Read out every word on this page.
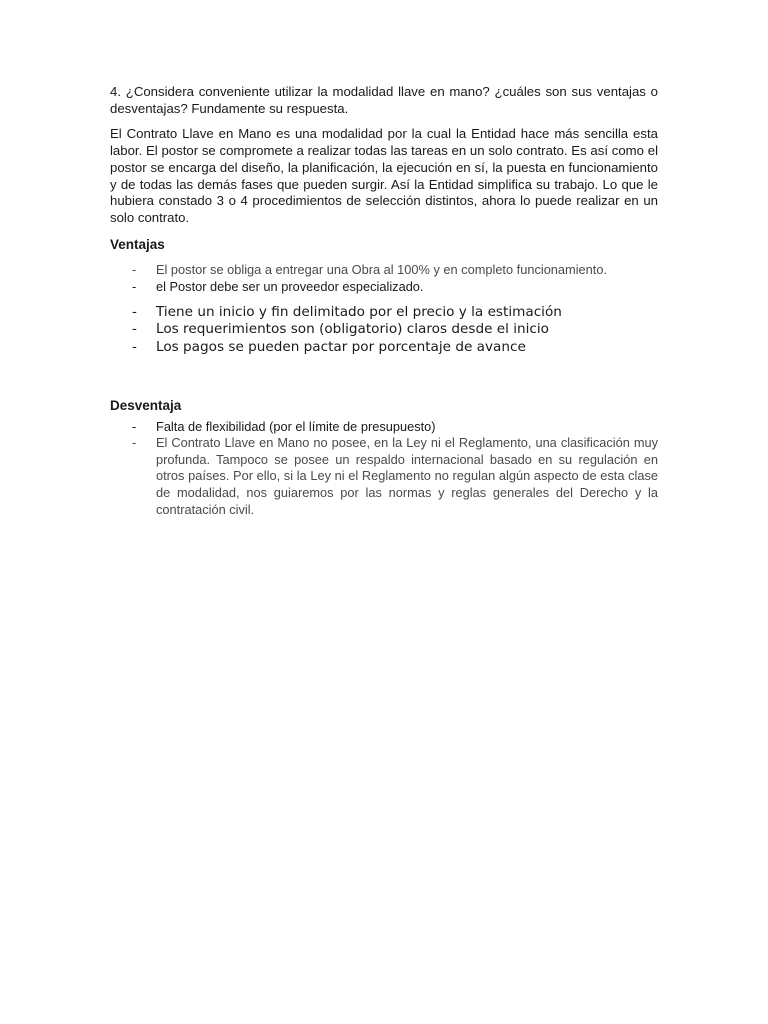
4. ¿Considera conveniente utilizar la modalidad llave en mano? ¿cuáles son sus ventajas o desventajas? Fundamente su respuesta.

El Contrato Llave en Mano es una modalidad por la cual la Entidad hace más sencilla esta labor. El postor se compromete a realizar todas las tareas en un solo contrato. Es así como el postor se encarga del diseño, la planificación, la ejecución en sí, la puesta en funcionamiento y de todas las demás fases que pueden surgir. Así la Entidad simplifica su trabajo. Lo que le hubiera constado 3 o 4 procedimientos de selección distintos, ahora lo puede realizar en un solo contrato.

Ventajas

- El postor se obliga a entregar una Obra al 100% y en completo funcionamiento.
- el Postor debe ser un proveedor especializado.
- Tiene un inicio y fin delimitado por el precio y la estimación
- Los requerimientos son (obligatorio) claros desde el inicio
- Los pagos se pueden pactar por porcentaje de avance

Desventaja

- Falta de flexibilidad (por el límite de presupuesto)
- El Contrato Llave en Mano no posee, en la Ley ni el Reglamento, una clasificación muy profunda. Tampoco se posee un respaldo internacional basado en su regulación en otros países. Por ello, si la Ley ni el Reglamento no regulan algún aspecto de esta clase de modalidad, nos guiaremos por las normas y reglas generales del Derecho y la contratación civil.
